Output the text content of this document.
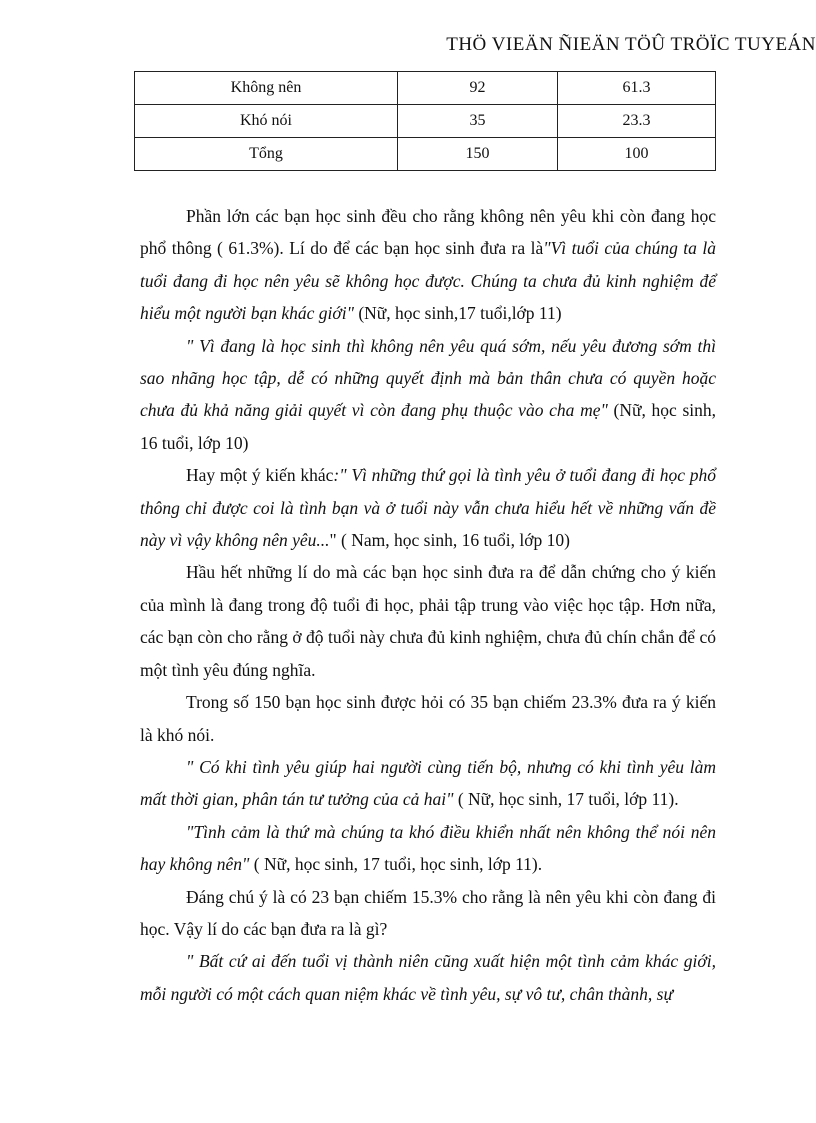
THÖ VIEÄN ÑIEÄN TÖÛ TRÖÏC TUYEÁN
Không nên	92	61.3
Khó nói	35	23.3
Tổng	150	100

Phần lớn các bạn học sinh đều cho rằng không nên yêu khi còn đang học phổ thông ( 61.3%). Lí do để các bạn học sinh đưa ra là"Vì tuổi của chúng ta là tuổi đang đi học nên yêu sẽ không học được. Chúng ta chưa đủ kinh nghiệm để hiểu một người bạn khác giới" (Nữ, học sinh,17 tuổi,lớp 11)

" Vì đang là học sinh thì không nên yêu quá sớm, nếu yêu đương sớm thì sao nhãng học tập, dễ có những quyết định mà bản thân chưa có quyền hoặc chưa đủ khả năng giải quyết vì còn đang phụ thuộc vào cha mẹ" (Nữ, học sinh, 16 tuổi, lớp 10)

Hay một ý kiến khác:" Vì những thứ gọi là tình yêu ở tuổi đang đi học phổ thông chỉ được coi là tình bạn và ở tuổi này vẫn chưa hiểu hết về những vấn đề này vì vậy không nên yêu..." ( Nam, học sinh, 16 tuổi, lớp 10)

Hầu hết những lí do mà các bạn học sinh đưa ra để dẫn chứng cho ý kiến của mình là đang trong độ tuổi đi học, phải tập trung vào việc học tập. Hơn nữa, các bạn còn cho rằng ở độ tuổi này chưa đủ kinh nghiệm, chưa đủ chín chắn để có một tình yêu đúng nghĩa.

Trong số 150 bạn học sinh được hỏi có 35 bạn chiếm 23.3% đưa ra ý kiến là khó nói.

" Có khi tình yêu giúp hai người cùng tiến bộ, nhưng có khi tình yêu làm mất thời gian, phân tán tư tưởng của cả hai" ( Nữ, học sinh, 17 tuổi, lớp 11).

"Tình cảm là thứ mà chúng ta khó điều khiển nhất nên không thể nói nên hay không nên" ( Nữ, học sinh, 17 tuổi, học sinh, lớp 11).

Đáng chú ý là có 23 bạn chiếm 15.3% cho rằng là nên yêu khi còn đang đi học. Vậy lí do các bạn đưa ra là gì?

" Bất cứ ai đến tuổi vị thành niên cũng xuất hiện một tình cảm khác giới, mỗi người có một cách quan niệm khác về tình yêu, sự vô tư, chân thành, sự
